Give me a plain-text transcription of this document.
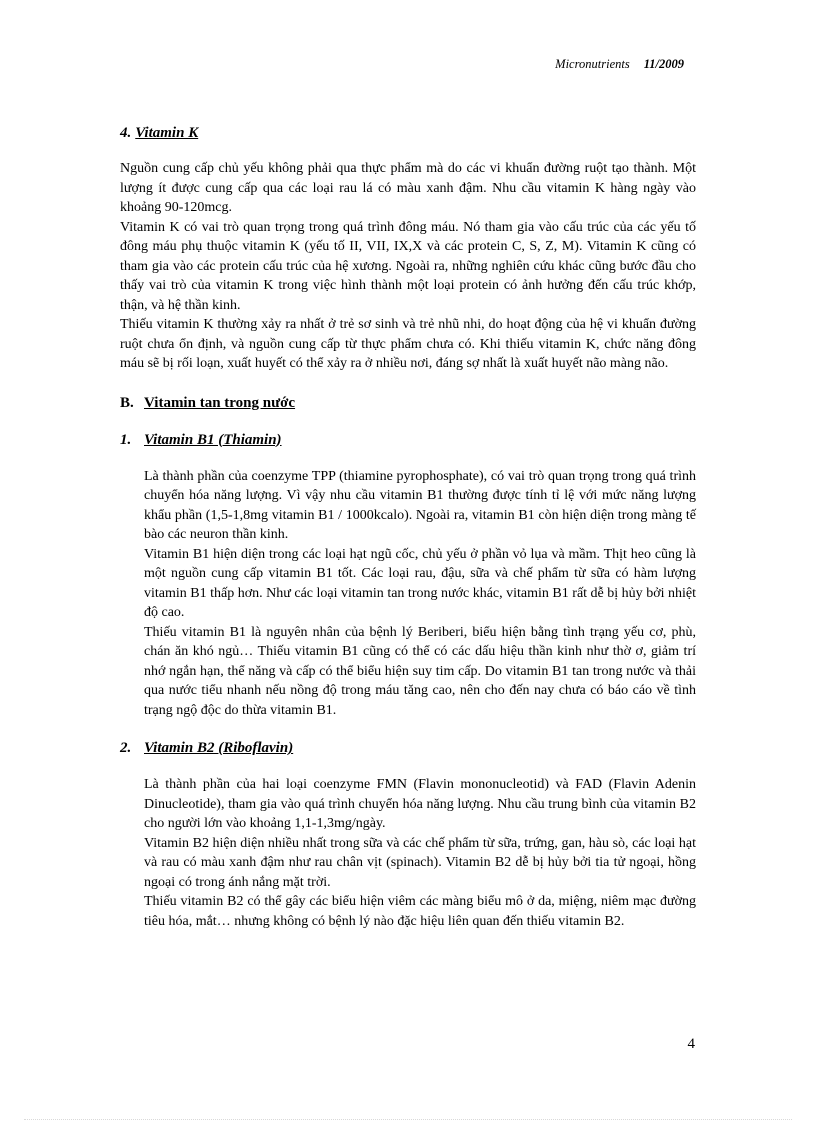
Micronutrients 11/2009
4. Vitamin K

Nguồn cung cấp chủ yếu không phải qua thực phẩm mà do các vi khuẩn đường ruột tạo thành. Một lượng ít được cung cấp qua các loại rau lá có màu xanh đậm. Nhu cầu vitamin K hàng ngày vào khoảng 90-120mcg.

Vitamin K có vai trò quan trọng trong quá trình đông máu. Nó tham gia vào cấu trúc của các yếu tố đông máu phụ thuộc vitamin K (yếu tố II, VII, IX,X và các protein C, S, Z, M). Vitamin K cũng có tham gia vào các protein cấu trúc của hệ xương. Ngoài ra, những nghiên cứu khác cũng bước đầu cho thấy vai trò của vitamin K trong việc hình thành một loại protein có ảnh hưởng đến cấu trúc khớp, thận, và hệ thần kinh.

Thiếu vitamin K thường xảy ra nhất ở trẻ sơ sinh và trẻ nhũ nhi, do hoạt động của hệ vi khuẩn đường ruột chưa ổn định, và nguồn cung cấp từ thực phẩm chưa có. Khi thiếu vitamin K, chức năng đông máu sẽ bị rối loạn, xuất huyết có thể xảy ra ở nhiều nơi, đáng sợ nhất là xuất huyết não màng não.

B. Vitamin tan trong nước
1. Vitamin B1 (Thiamin)

Là thành phần của coenzyme TPP (thiamine pyrophosphate), có vai trò quan trọng trong quá trình chuyển hóa năng lượng. Vì vậy nhu cầu vitamin B1 thường được tính tỉ lệ với mức năng lượng khẩu phần (1,5-1,8mg vitamin B1 / 1000kcalo). Ngoài ra, vitamin B1 còn hiện diện trong màng tế bào các neuron thần kinh.

Vitamin B1 hiện diện trong các loại hạt ngũ cốc, chủ yếu ở phần vỏ lụa và mầm. Thịt heo cũng là một nguồn cung cấp vitamin B1 tốt. Các loại rau, đậu, sữa và chế phẩm từ sữa có hàm lượng vitamin B1 thấp hơn. Như các loại vitamin tan trong nước khác, vitamin B1 rất dễ bị hủy bởi nhiệt độ cao.

Thiếu vitamin B1 là nguyên nhân của bệnh lý Beriberi, biểu hiện bằng tình trạng yếu cơ, phù, chán ăn khó ngủ… Thiếu vitamin B1 cũng có thể có các dấu hiệu thần kinh như thờ ơ, giảm trí nhớ ngắn hạn, thể năng và cấp có thể biểu hiện suy tim cấp. Do vitamin B1 tan trong nước và thải qua nước tiểu nhanh nếu nồng độ trong máu tăng cao, nên cho đến nay chưa có báo cáo về tình trạng ngộ độc do thừa vitamin B1.

2. Vitamin B2 (Riboflavin)

Là thành phần của hai loại coenzyme FMN (Flavin mononucleotid) và FAD (Flavin Adenin Dinucleotide), tham gia vào quá trình chuyển hóa năng lượng. Nhu cầu trung bình của vitamin B2 cho người lớn vào khoảng 1,1-1,3mg/ngày.

Vitamin B2 hiện diện nhiều nhất trong sữa và các chế phẩm từ sữa, trứng, gan, hàu sò, các loại hạt và rau có màu xanh đậm như rau chân vịt (spinach). Vitamin B2 dễ bị hủy bởi tia tử ngoại, hồng ngoại có trong ánh nắng mặt trời.

Thiếu vitamin B2 có thể gây các biểu hiện viêm các màng biểu mô ở da, miệng, niêm mạc đường tiêu hóa, mắt… nhưng không có bệnh lý nào đặc hiệu liên quan đến thiếu vitamin B2.

4
